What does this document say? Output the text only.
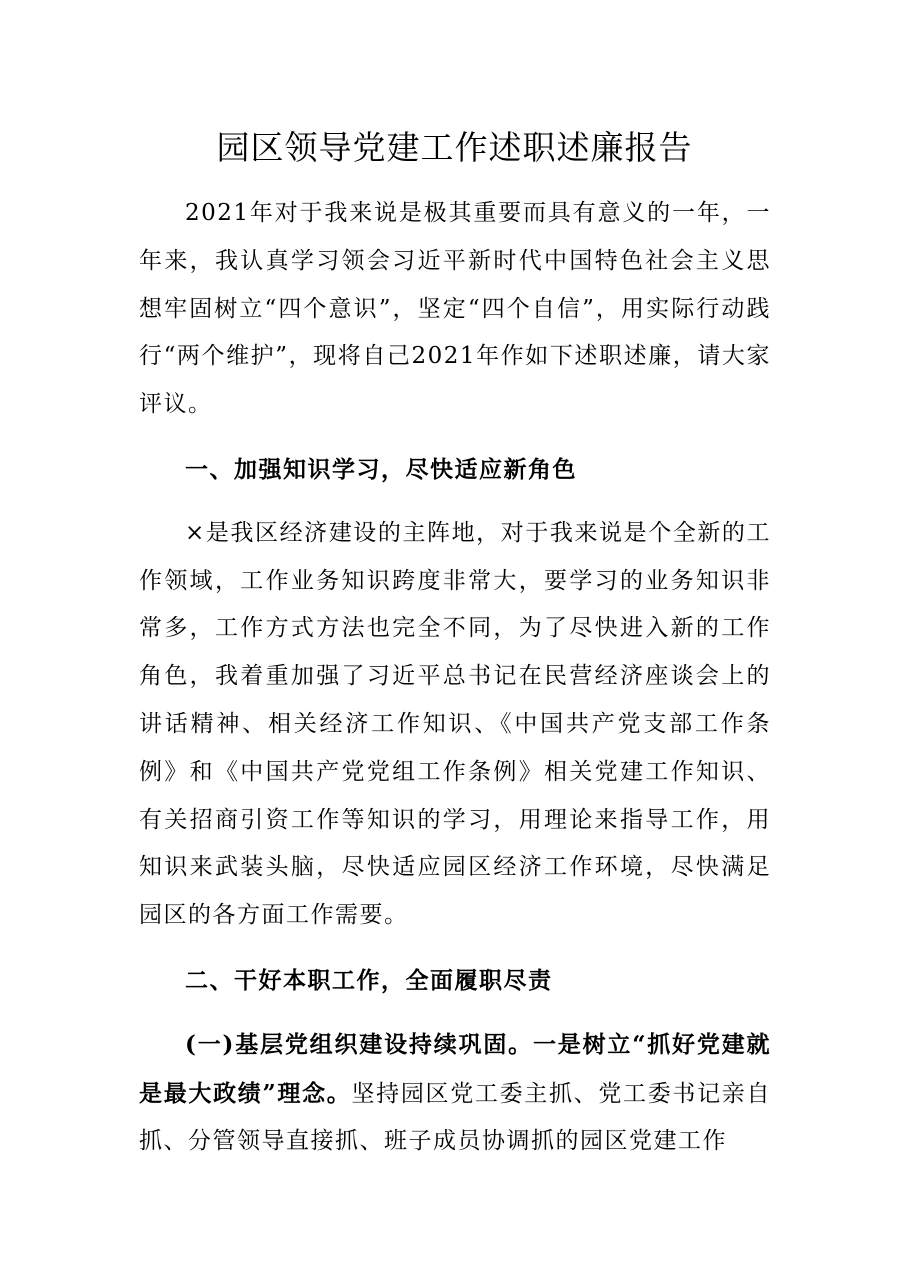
园区领导党建工作述职述廉报告

2021年对于我来说是极其重要而具有意义的一年，一年来，我认真学习领会习近平新时代中国特色社会主义思想牢固树立“四个意识”，坚定“四个自信”，用实际行动践行“两个维护”，现将自己2021年作如下述职述廉，请大家评议。

一、加强知识学习，尽快适应新角色

×是我区经济建设的主阵地，对于我来说是个全新的工作领域，工作业务知识跨度非常大，要学习的业务知识非常多，工作方式方法也完全不同，为了尽快进入新的工作角色，我着重加强了习近平总书记在民营经济座谈会上的讲话精神、相关经济工作知识、《中国共产党支部工作条例》和《中国共产党党组工作条例》相关党建工作知识、有关招商引资工作等知识的学习，用理论来指导工作，用知识来武装头脑，尽快适应园区经济工作环境，尽快满足园区的各方面工作需要。

二、干好本职工作，全面履职尽责

(一)基层党组织建设持续巩固。一是树立“抓好党建就是最大政绩”理念。坚持园区党工委主抓、党工委书记亲自抓、分管领导直接抓、班子成员协调抓的园区党建工作
